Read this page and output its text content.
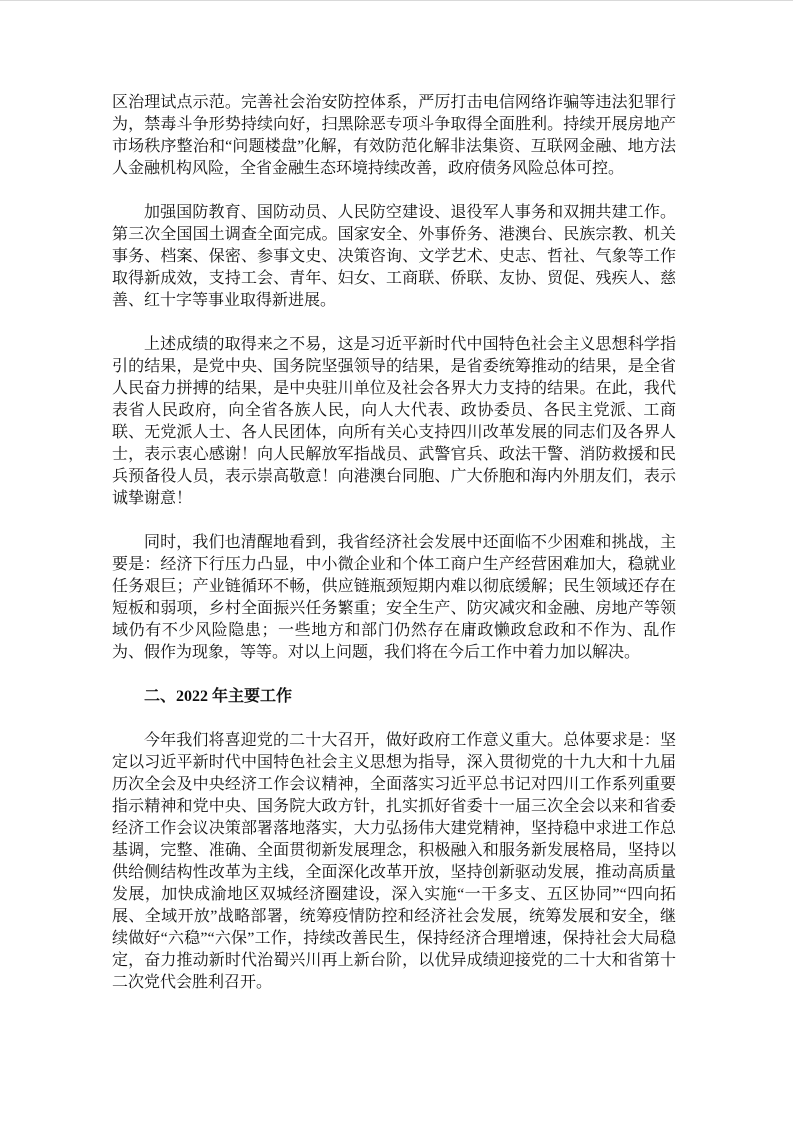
区治理试点示范。完善社会治安防控体系，严厉打击电信网络诈骗等违法犯罪行为，禁毒斗争形势持续向好，扫黑除恶专项斗争取得全面胜利。持续开展房地产市场秩序整治和“问题楼盘”化解，有效防范化解非法集资、互联网金融、地方法人金融机构风险，全省金融生态环境持续改善，政府债务风险总体可控。

加强国防教育、国防动员、人民防空建设、退役军人事务和双拥共建工作。第三次全国国土调查全面完成。国家安全、外事侨务、港澳台、民族宗教、机关事务、档案、保密、参事文史、决策咨询、文学艺术、史志、哲社、气象等工作取得新成效，支持工会、青年、妇女、工商联、侨联、友协、贸促、残疾人、慈善、红十字等事业取得新进展。

上述成绩的取得来之不易，这是习近平新时代中国特色社会主义思想科学指引的结果，是党中央、国务院坚强领导的结果，是省委统筹推动的结果，是全省人民奋力拼搏的结果，是中央驻川单位及社会各界大力支持的结果。在此，我代表省人民政府，向全省各族人民，向人大代表、政协委员、各民主党派、工商联、无党派人士、各人民团体，向所有关心支持四川改革发展的同志们及各界人士，表示衷心感谢！向人民解放军指战员、武警官兵、政法干警、消防救援和民兵预备役人员，表示崇高敬意！向港澳台同胞、广大侨胞和海内外朋友们，表示诚挚谢意！

同时，我们也清醒地看到，我省经济社会发展中还面临不少困难和挑战，主要是：经济下行压力凸显，中小微企业和个体工商户生产经营困难加大，稳就业任务艰巨；产业链循环不畅，供应链瓶颈短期内难以彻底缓解；民生领域还存在短板和弱项，乡村全面振兴任务繁重；安全生产、防灾减灾和金融、房地产等领域仍有不少风险隐患；一些地方和部门仍然存在庸政懒政怠政和不作为、乱作为、假作为现象，等等。对以上问题，我们将在今后工作中着力加以解决。

二、2022 年主要工作

今年我们将喜迎党的二十大召开，做好政府工作意义重大。总体要求是：坚定以习近平新时代中国特色社会主义思想为指导，深入贯彻党的十九大和十九届历次全会及中央经济工作会议精神，全面落实习近平总书记对四川工作系列重要指示精神和党中央、国务院大政方针，扎实抓好省委十一届三次全会以来和省委经济工作会议决策部署落地落实，大力弘扬伟大建党精神，坚持稳中求进工作总基调，完整、准确、全面贯彻新发展理念，积极融入和服务新发展格局，坚持以供给侧结构性改革为主线，全面深化改革开放，坚持创新驱动发展，推动高质量发展，加快成渝地区双城经济圈建设，深入实施“一干多支、五区协同”“四向拓展、全域开放”战略部署，统筹疫情防控和经济社会发展，统筹发展和安全，继续做好“六稳”“六保”工作，持续改善民生，保持经济合理增速，保持社会大局稳定，奋力推动新时代治蜀兴川再上新台阶，以优异成绩迎接党的二十大和省第十二次党代会胜利召开。
